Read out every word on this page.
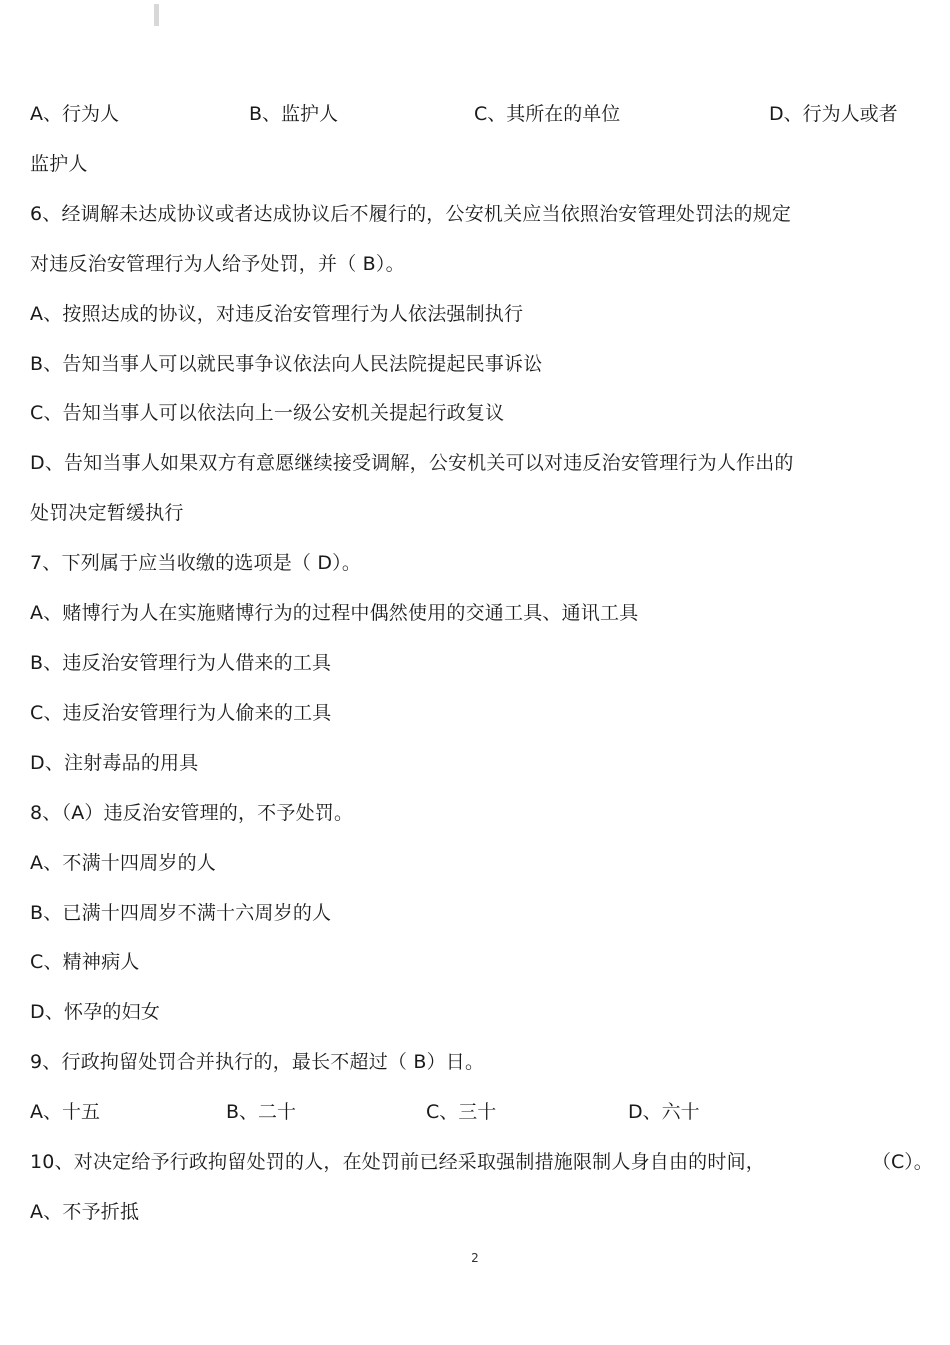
A、行为人	B、监护人	C、其所在的单位	D、行为人或者
监护人
6、经调解未达成协议或者达成协议后不履行的，公安机关应当依照治安管理处罚法的规定
对违反治安管理行为人给予处罚，并（ B）。
A、按照达成的协议，对违反治安管理行为人依法强制执行
B、告知当事人可以就民事争议依法向人民法院提起民事诉讼
C、告知当事人可以依法向上一级公安机关提起行政复议
D、告知当事人如果双方有意愿继续接受调解，公安机关可以对违反治安管理行为人作出的
处罚决定暂缓执行
7、下列属于应当收缴的选项是（ D）。
A、赌博行为人在实施赌博行为的过程中偶然使用的交通工具、通讯工具
B、违反治安管理行为人借来的工具
C、违反治安管理行为人偷来的工具
D、注射毒品的用具
8、（A）违反治安管理的，不予处罚。
A、不满十四周岁的人
B、已满十四周岁不满十六周岁的人
C、精神病人
D、怀孕的妇女
9、行政拘留处罚合并执行的，最长不超过（ B）日。
A、十五	B、二十	C、三十	D、六十
10、对决定给予行政拘留处罚的人，在处罚前已经采取强制措施限制人身自由的时间，	（C）。
A、不予折抵
2
